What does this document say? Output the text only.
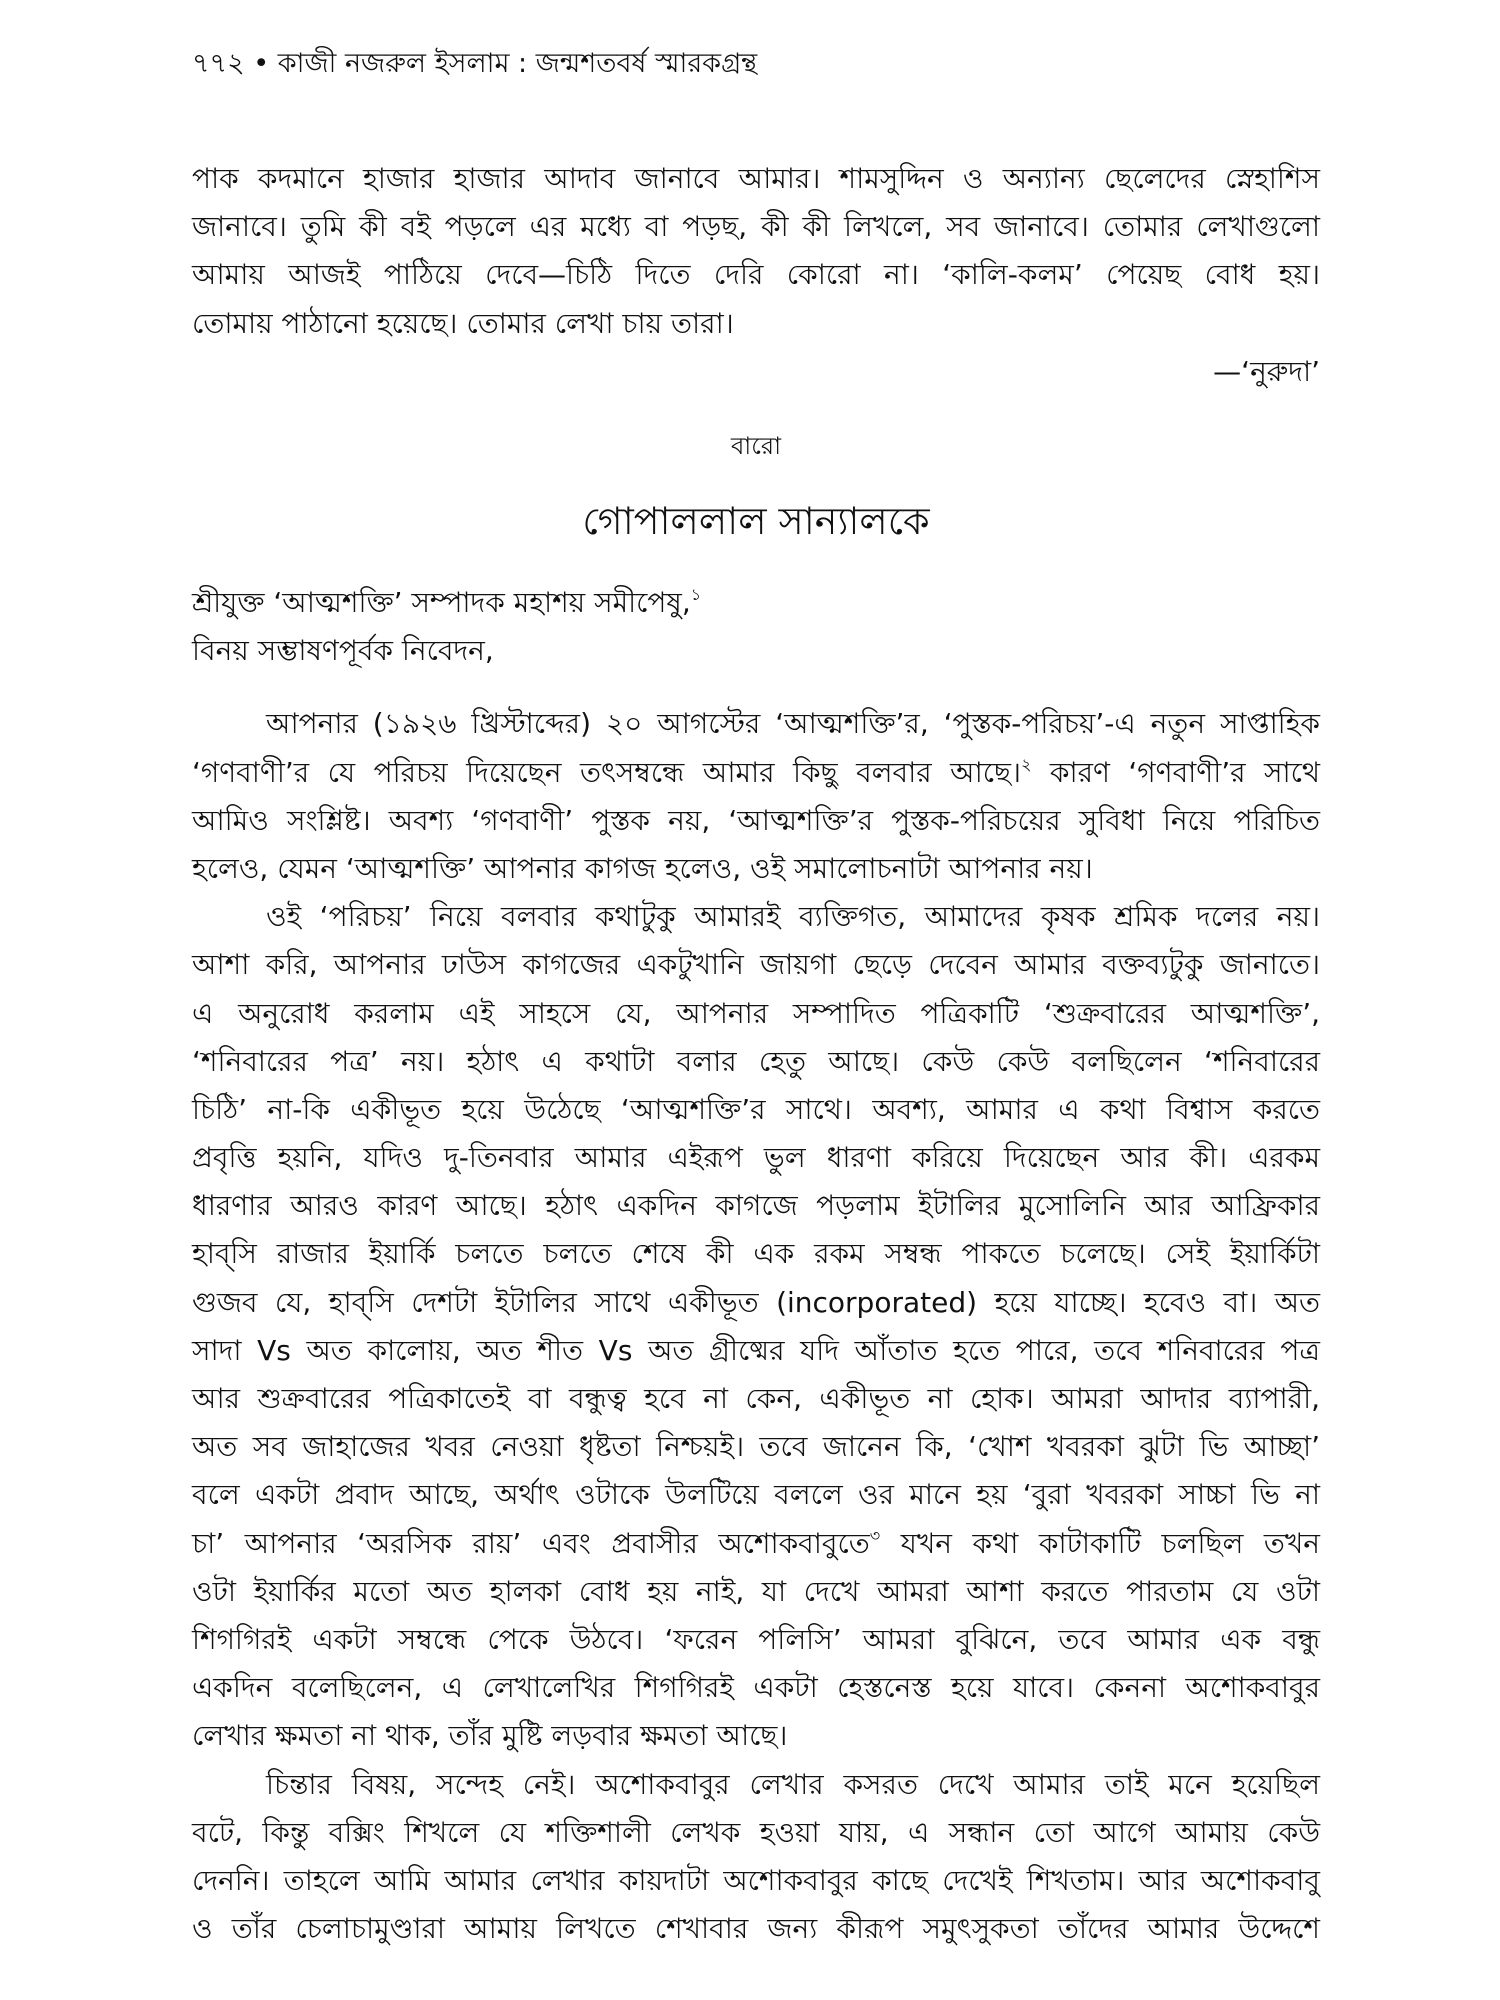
৭৭২ • কাজী নজরুল ইসলাম : জন্মশতবর্ষ স্মারকগ্রন্থ
পাক কদমানে হাজার হাজার আদাব জানাবে আমার। শামসুদ্দিন ও অন্যান্য ছেলেদের স্নেহাশিস
জানাবে। তুমি কী বই পড়লে এর মধ্যে বা পড়ছ, কী কী লিখলে, সব জানাবে। তোমার লেখাগুলো
আমায় আজই পাঠিয়ে দেবে—চিঠি দিতে দেরি কোরো না। ‘কালি-কলম’ পেয়েছ বোধ হয়।
তোমায় পাঠানো হয়েছে। তোমার লেখা চায় তারা।
—‘নুরুদা’
বারো
গোপাললাল সান্যালকে
শ্রীযুক্ত ‘আত্মশক্তি’ সম্পাদক মহাশয় সমীপেষু,$^১$
বিনয় সম্ভাষণপূর্বক নিবেদন,
আপনার (১৯২৬ খ্রিস্টাব্দের) ২০ আগস্টের ‘আত্মশক্তি’র, ‘পুস্তক-পরিচয়’-এ নতুন সাপ্তাহিক
‘গণবাণী’র যে পরিচয় দিয়েছেন তৎসম্বন্ধে আমার কিছু বলবার আছে।$^২$ কারণ ‘গণবাণী’র সাথে
আমিও সংশ্লিষ্ট। অবশ্য ‘গণবাণী’ পুস্তক নয়, ‘আত্মশক্তি’র পুস্তক-পরিচয়ের সুবিধা নিয়ে পরিচিত
হলেও, যেমন ‘আত্মশক্তি’ আপনার কাগজ হলেও, ওই সমালোচনাটা আপনার নয়।
ওই ‘পরিচয়’ নিয়ে বলবার কথাটুকু আমারই ব্যক্তিগত, আমাদের কৃষক শ্রমিক দলের নয়।
আশা করি, আপনার ঢাউস কাগজের একটুখানি জায়গা ছেড়ে দেবেন আমার বক্তব্যটুকু জানাতে।
এ অনুরোধ করলাম এই সাহসে যে, আপনার সম্পাদিত পত্রিকাটি ‘শুক্রবারের আত্মশক্তি’,
‘শনিবারের পত্র’ নয়। হঠাৎ এ কথাটা বলার হেতু আছে। কেউ কেউ বলছিলেন ‘শনিবারের
চিঠি’ না-কি একীভূত হয়ে উঠেছে ‘আত্মশক্তি’র সাথে। অবশ্য, আমার এ কথা বিশ্বাস করতে
প্রবৃত্তি হয়নি, যদিও দু-তিনবার আমার এইরূপ ভুল ধারণা করিয়ে দিয়েছেন আর কী। এরকম
ধারণার আরও কারণ আছে। হঠাৎ একদিন কাগজে পড়লাম ইটালির মুসোলিনি আর আফ্রিকার
হাব্‌সি রাজার ইয়ার্কি চলতে চলতে শেষে কী এক রকম সম্বন্ধ পাকতে চলেছে। সেই ইয়ার্কিটা
গুজব যে, হাব্‌সি দেশটা ইটালির সাথে একীভূত (incorporated) হয়ে যাচ্ছে। হবেও বা। অত
সাদা Vs অত কালোয়, অত শীত Vs অত গ্রীষ্মের যদি আঁতাত হতে পারে, তবে শনিবারের পত্র
আর শুক্রবারের পত্রিকাতেই বা বন্ধুত্ব হবে না কেন, একীভূত না হোক। আমরা আদার ব্যাপারী,
অত সব জাহাজের খবর নেওয়া ধৃষ্টতা নিশ্চয়ই। তবে জানেন কি, ‘খোশ খবরকা ঝুটা ভি আচ্ছা’
বলে একটা প্রবাদ আছে, অর্থাৎ ওটাকে উলটিয়ে বললে ওর মানে হয় ‘বুরা খবরকা সাচ্চা ভি না
চা’ আপনার ‘অরসিক রায়’ এবং প্রবাসীর অশোকবাবুতে$^৩$ যখন কথা কাটাকাটি চলছিল তখন
ওটা ইয়ার্কির মতো অত হালকা বোধ হয় নাই, যা দেখে আমরা আশা করতে পারতাম যে ওটা
শিগগিরই একটা সম্বন্ধে পেকে উঠবে। ‘ফরেন পলিসি’ আমরা বুঝিনে, তবে আমার এক বন্ধু
একদিন বলেছিলেন, এ লেখালেখির শিগগিরই একটা হেস্তনেস্ত হয়ে যাবে। কেননা অশোকবাবুর
লেখার ক্ষমতা না থাক, তাঁর মুষ্টি লড়বার ক্ষমতা আছে।
চিন্তার বিষয়, সন্দেহ নেই। অশোকবাবুর লেখার কসরত দেখে আমার তাই মনে হয়েছিল
বটে, কিন্তু বক্সিং শিখলে যে শক্তিশালী লেখক হওয়া যায়, এ সন্ধান তো আগে আমায় কেউ
দেননি। তাহলে আমি আমার লেখার কায়দাটা অশোকবাবুর কাছে দেখেই শিখতাম। আর অশোকবাবু
ও তাঁর চেলাচামুণ্ডারা আমায় লিখতে শেখাবার জন্য কীরূপ সমুৎসুকতা তাঁদের আমার উদ্দেশে
